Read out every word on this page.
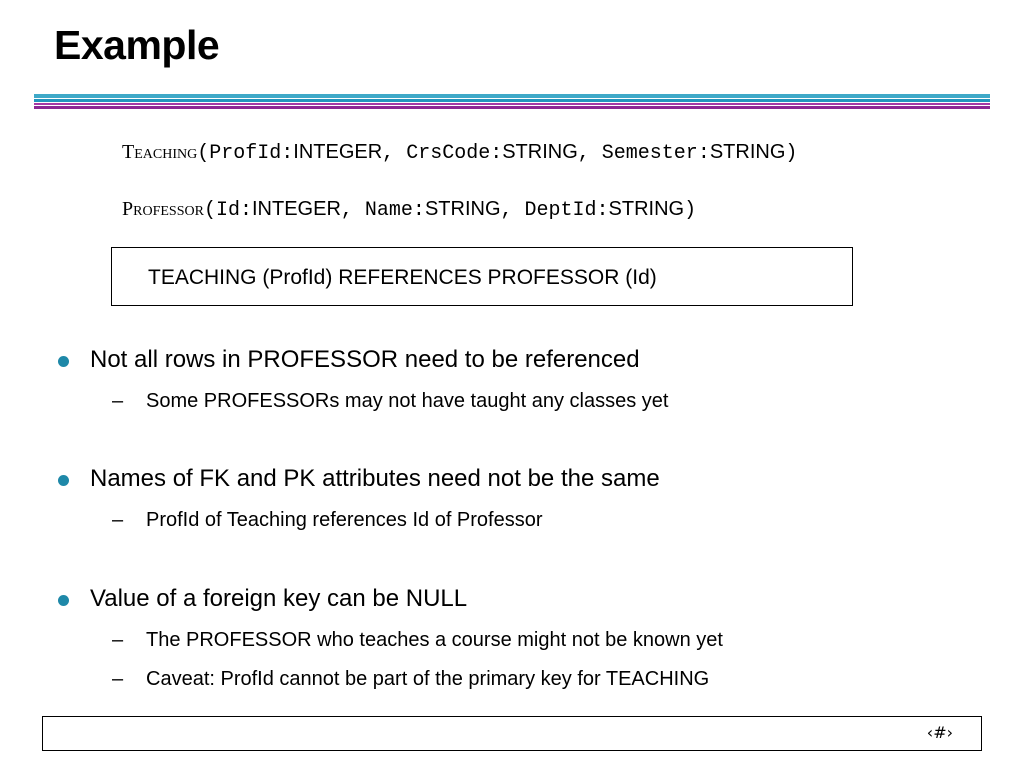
Example
Teaching(ProfId:INTEGER, CrsCode:STRING, Semester:STRING)
Professor(Id:INTEGER, Name:STRING, DeptId:STRING)
TEACHING (ProfId) REFERENCES PROFESSOR (Id)
Not all rows in PROFESSOR need to be referenced
– Some PROFESSORs may not have taught any classes yet
Names of FK and PK attributes need not be the same
– ProfId of Teaching references Id of Professor
Value of a foreign key can be NULL
– The PROFESSOR who teaches a course might not be known yet
– Caveat: ProfId cannot be part of the primary key for TEACHING
‹#›
